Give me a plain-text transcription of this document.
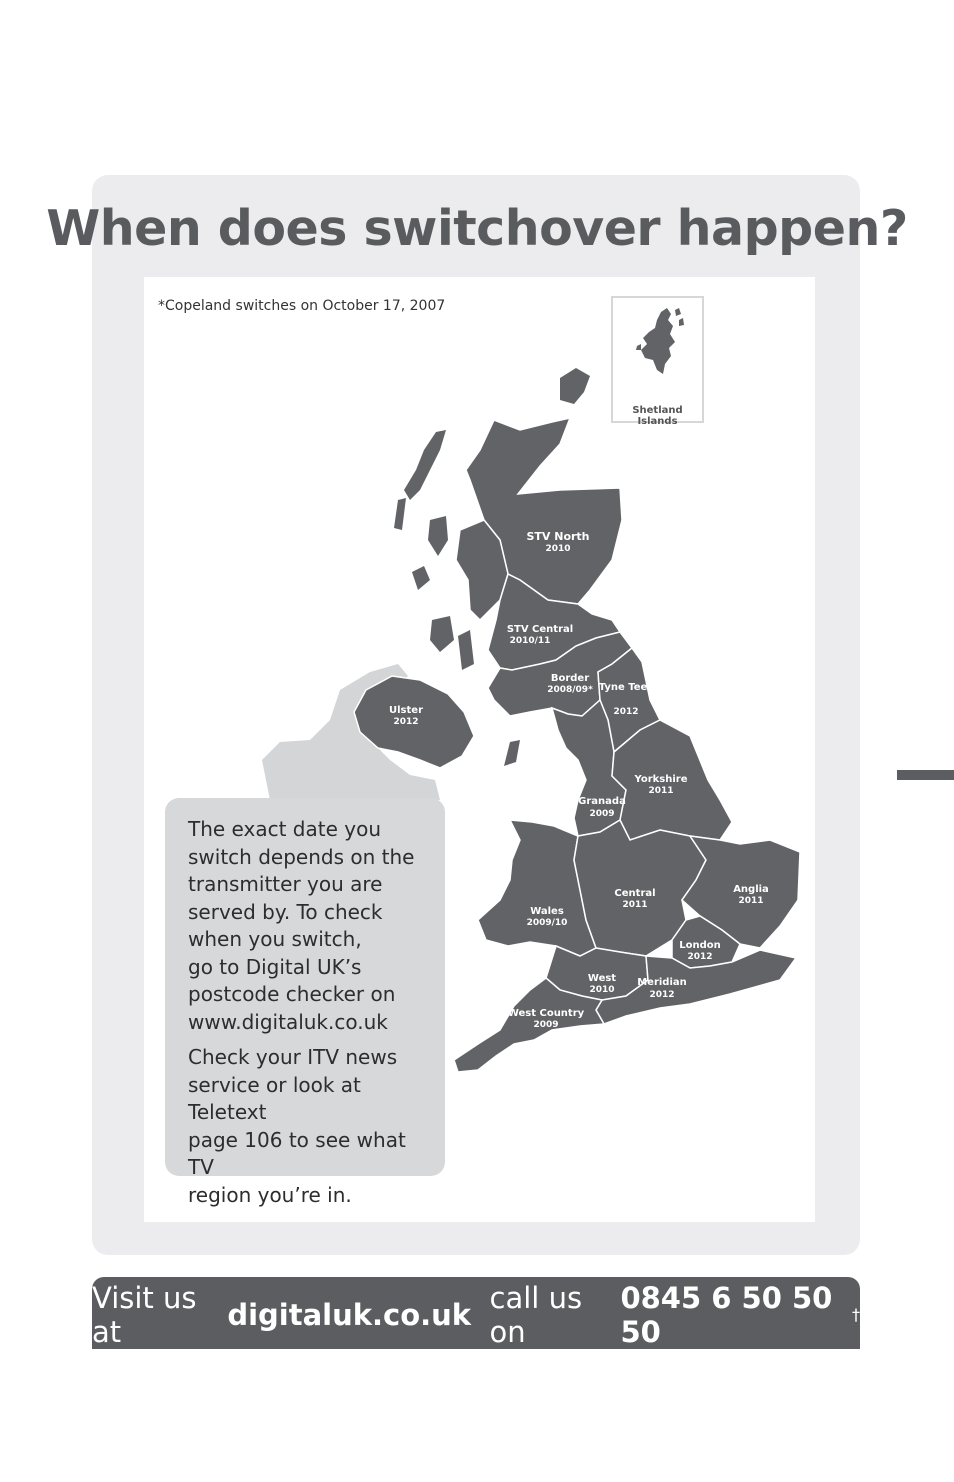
When does switchover happen?
*Copeland switches on October 17, 2007
Shetland Islands
STV North
2010
STV Central
2010/11
Border
2008/09* Tyne Tees
2012
Ulster
2012
Yorkshire
2011
Granada
2009
Central
2011
Anglia
2011
Wales
2009/10
London
2012
West
2010
Meridian
2012
West Country
2009

The exact date you
switch depends on the
transmitter you are
served by. To check
when you switch,
go to Digital UK’s
postcode checker on
www.digitaluk.co.uk

Check your ITV news
service or look at Teletext
page 106 to see what TV
region you’re in.

Visit us at
	digitaluk.co.uk
call us on

0845 6 50 50 50
†
